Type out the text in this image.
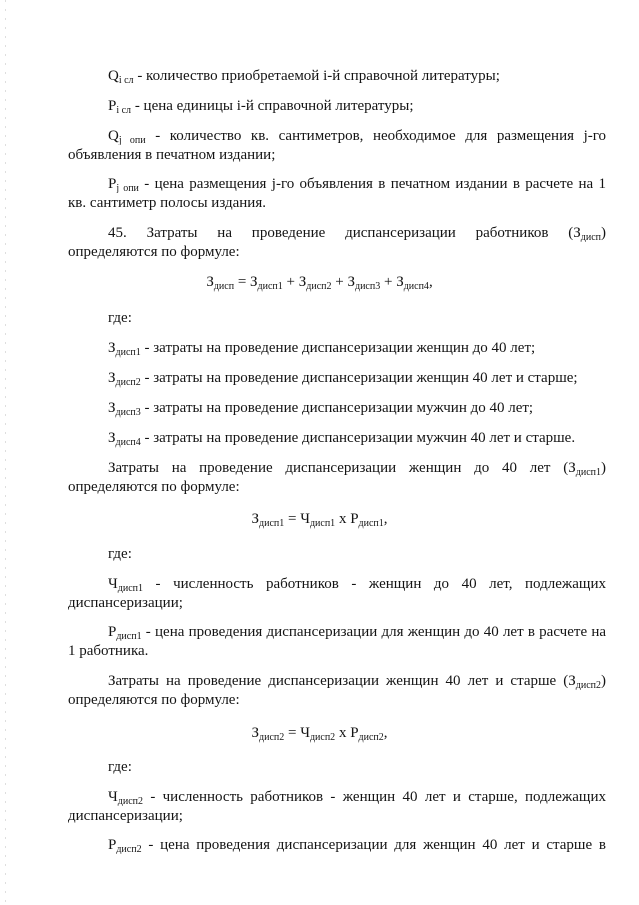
$Q_{i сл}$ - количество приобретаемой i-й справочной литературы;

$P_{i сл}$ - цена единицы i-й справочной литературы;

$Q_{j опи}$ - количество кв. сантиметров, необходимое для размещения j-го

объявления в печатном издании;

$P_{j опи}$ - цена размещения j-го объявления в печатном издании в расчете на 1

кв. сантиметр полосы издания.

45. Затраты на проведение диспансеризации работников $(З_{дисп})$

определяются по формуле:

$З_{дисп} = З_{дисп1} + З_{дисп2} + З_{дисп3} + З_{дисп4}$,

где:

$З_{дисп1}$ - затраты на проведение диспансеризации женщин до 40 лет;

$З_{дисп2}$ - затраты на проведение диспансеризации женщин 40 лет и старше;

$З_{дисп3}$ - затраты на проведение диспансеризации мужчин до 40 лет;

$З_{дисп4}$ - затраты на проведение диспансеризации мужчин 40 лет и старше.

Затраты на проведение диспансеризации женщин до 40 лет $(З_{дисп1})$

определяются по формуле:

$З_{дисп1} = Ч_{дисп1}$ x $Р_{дисп1}$,

где:

$Ч_{дисп1}$ - численность работников - женщин до 40 лет, подлежащих

диспансеризации;

$Р_{дисп1}$ - цена проведения диспансеризации для женщин до 40 лет в расчете на

1 работника.

Затраты на проведение диспансеризации женщин 40 лет и старше $(З_{дисп2})$

определяются по формуле:

$З_{дисп2} = Ч_{дисп2}$ x $Р_{дисп2}$,

где:

$Ч_{дисп2}$ - численность работников - женщин 40 лет и старше, подлежащих

диспансеризации;

$Р_{дисп2}$ - цена проведения диспансеризации для женщин 40 лет и старше в
